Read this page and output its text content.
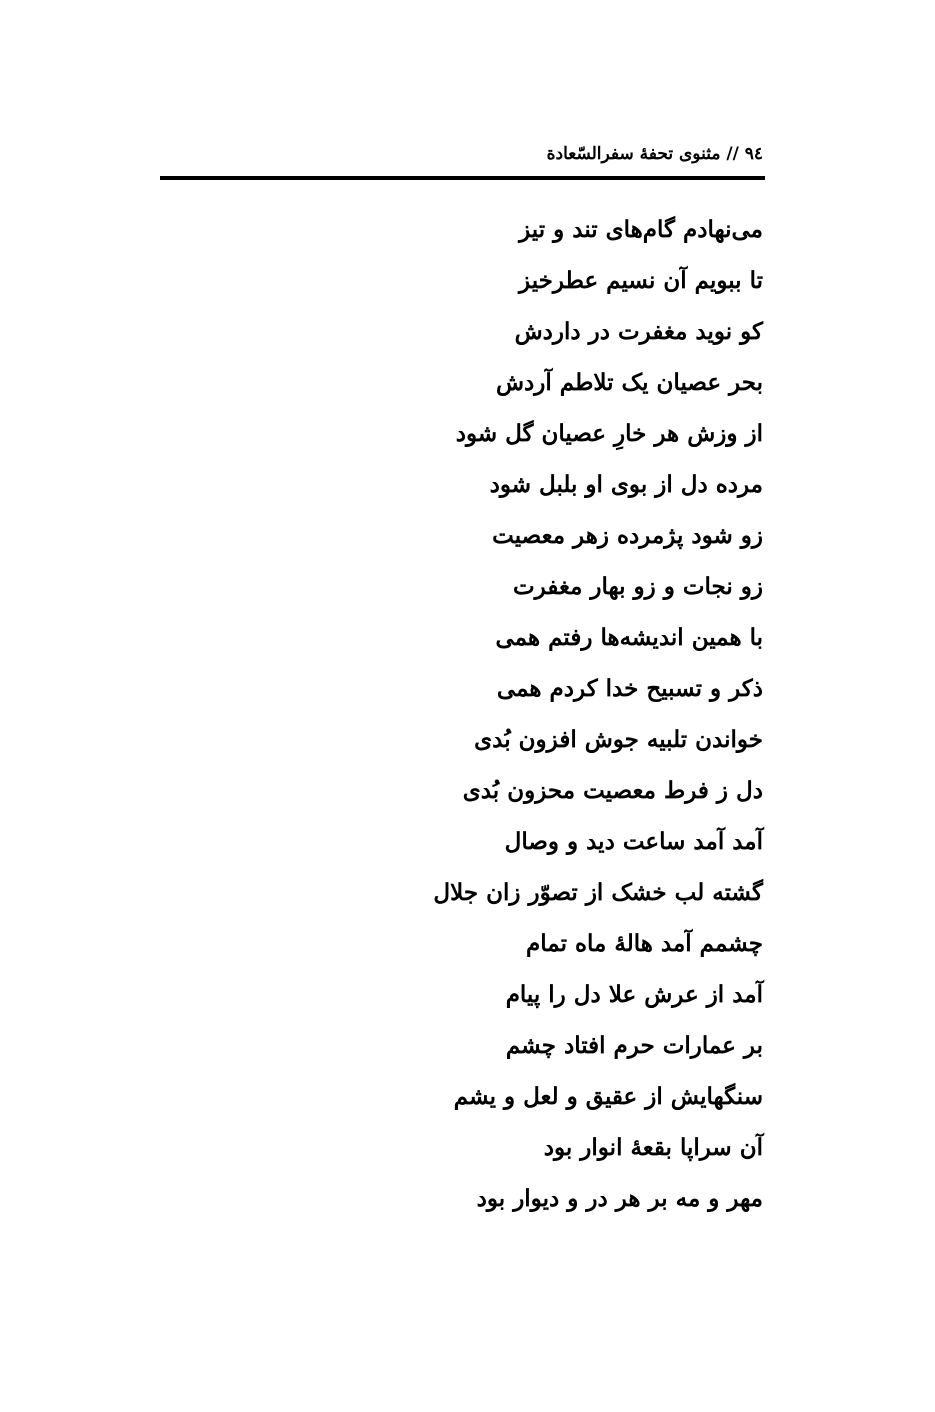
٩٤ // مثنوی تحفهٔ سفرالسّعادة
می‌نهادم گام‌های تند و تیز
تا ببویم آن نسیم عطرخیز
کو نوید مغفرت در داردش
بحر عصیان یک تلاطم آردش
از وزش هر خارِ عصیان گل شود
مرده دل از بوی او بلبل شود
زو شود پژمرده زهر معصیت
زو نجات و زو بهار مغفرت
با همین اندیشه‌ها رفتم همی
ذکر و تسبیح خدا کردم همی
خواندن تلبیه جوش افزون بُدی
دل ز فرط معصیت محزون بُدی
آمد آمد ساعت دید و وصال
گشته لب خشک از تصوّر زان جلال
چشمم آمد هالهٔ ماه تمام
آمد از عرش علا دل را پیام
بر عمارات حرم افتاد چشم
سنگهایش از عقیق و لعل و یشم
آن سراپا بقعهٔ انوار بود
مهر و مه بر هر در و دیوار بود
